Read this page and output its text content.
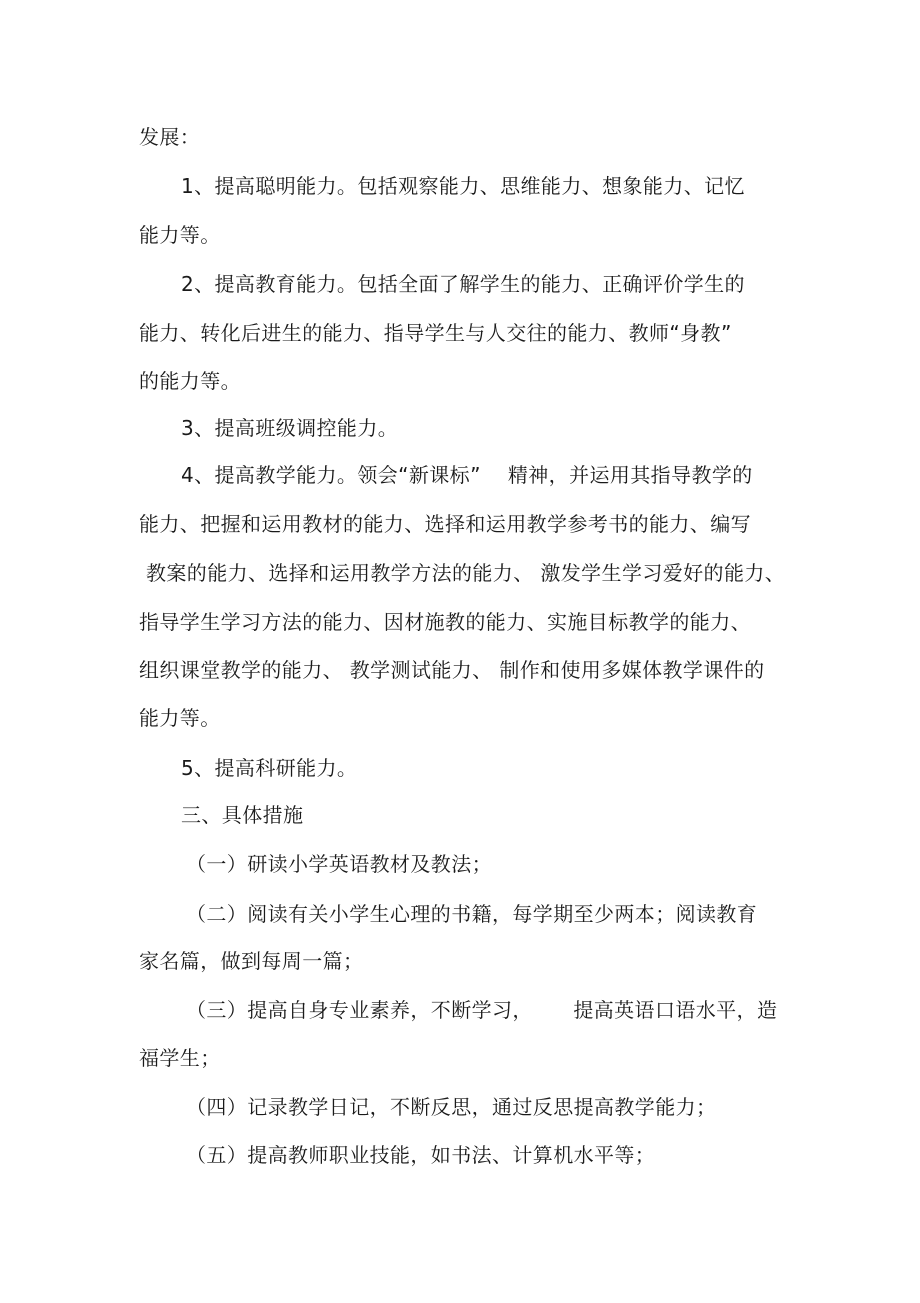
发展：
1、提高聪明能力。包括观察能力、思维能力、想象能力、记忆
能力等。
2、提高教育能力。包括全面了解学生的能力、正确评价学生的
能力、转化后进生的能力、指导学生与人交往的能力、教师“身教”
的能力等。
3、提高班级调控能力。
4、提高教学能力。领会“新课标”    精神，并运用其指导教学的
能力、把握和运用教材的能力、选择和运用教学参考书的能力、编写
教案的能力、选择和运用教学方法的能力、 激发学生学习爱好的能力、
指导学生学习方法的能力、因材施教的能力、实施目标教学的能力、
组织课堂教学的能力、 教学测试能力、 制作和使用多媒体教学课件的
能力等。
5、提高科研能力。
三、具体措施
（一）研读小学英语教材及教法；
（二）阅读有关小学生心理的书籍，每学期至少两本；阅读教育
家名篇，做到每周一篇；
（三）提高自身专业素养，不断学习，      提高英语口语水平，造
福学生；
（四）记录教学日记，不断反思，通过反思提高教学能力；
（五）提高教师职业技能，如书法、计算机水平等；
